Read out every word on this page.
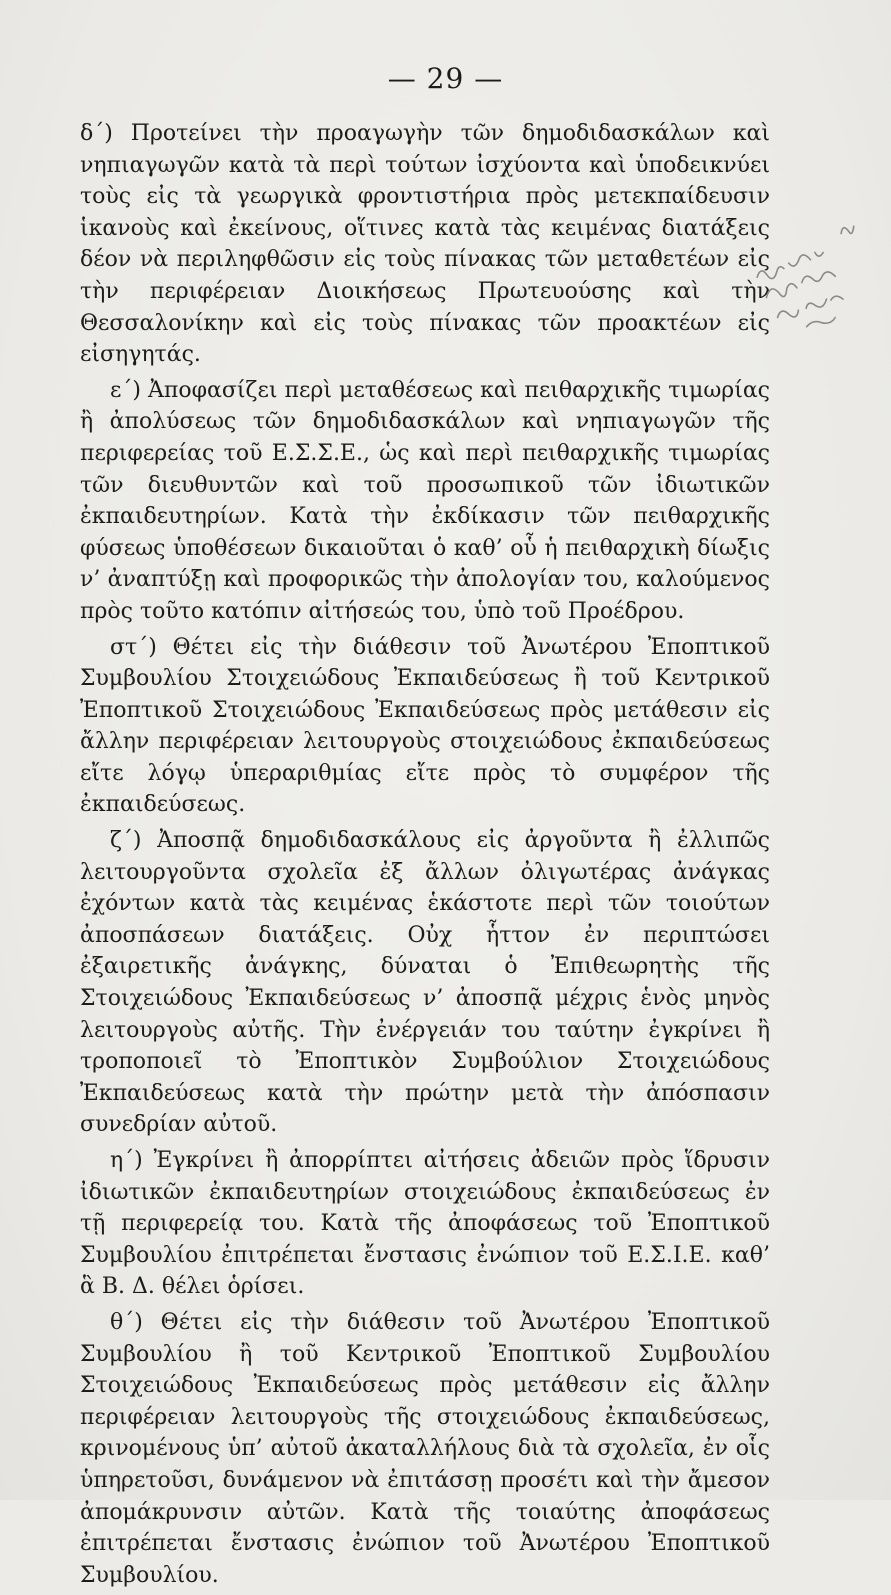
— 29 —

δ΄) Προτείνει τὴν προαγωγὴν τῶν δημοδιδασκάλων καὶ νηπιαγωγῶν κατὰ τὰ περὶ τούτων ἰσχύοντα καὶ ὑποδεικνύει τοὺς εἰς τὰ γεωργικὰ φροντιστήρια πρὸς μετεκπαίδευσιν ἱκανοὺς καὶ ἐκείνους, οἵτινες κατὰ τὰς κειμένας διατάξεις δέον νὰ περιληφθῶσιν εἰς τοὺς πίνακας τῶν μεταθετέων εἰς τὴν περιφέρειαν Διοικήσεως Πρωτευούσης καὶ τὴν Θεσσαλονίκην καὶ εἰς τοὺς πίνακας τῶν προακτέων εἰς εἰσηγητάς.

ε΄) Ἀποφασίζει περὶ μεταθέσεως καὶ πειθαρχικῆς τιμωρίας ἢ ἀπολύσεως τῶν δημοδιδασκάλων καὶ νηπιαγωγῶν τῆς περιφερείας τοῦ Ε.Σ.Σ.Ε., ὡς καὶ περὶ πειθαρχικῆς τιμωρίας τῶν διευθυντῶν καὶ τοῦ προσωπικοῦ τῶν ἰδιωτικῶν ἐκπαιδευτηρίων. Κατὰ τὴν ἐκδίκασιν τῶν πειθαρχικῆς φύσεως ὑποθέσεων δικαιοῦται ὁ καθ’ οὗ ἡ πειθαρχικὴ δίωξις ν’ ἀναπτύξῃ καὶ προφορικῶς τὴν ἀπολογίαν του, καλούμενος πρὸς τοῦτο κατόπιν αἰτήσεώς του, ὑπὸ τοῦ Προέδρου.

στ΄) Θέτει εἰς τὴν διάθεσιν τοῦ Ἀνωτέρου Ἐποπτικοῦ Συμβουλίου Στοιχειώδους Ἐκπαιδεύσεως ἢ τοῦ Κεντρικοῦ Ἐποπτικοῦ Στοιχειώδους Ἐκπαιδεύσεως πρὸς μετάθεσιν εἰς ἄλλην περιφέρειαν λειτουργοὺς στοιχειώδους ἐκπαιδεύσεως εἴτε λόγῳ ὑπεραριθμίας εἴτε πρὸς τὸ συμφέρον τῆς ἐκπαιδεύσεως.

ζ΄) Ἀποσπᾷ δημοδιδασκάλους εἰς ἀργοῦντα ἢ ἐλλιπῶς λειτουργοῦντα σχολεῖα ἐξ ἄλλων ὀλιγωτέρας ἀνάγκας ἐχόντων κατὰ τὰς κειμένας ἑκάστοτε περὶ τῶν τοιούτων ἀποσπάσεων διατάξεις. Οὐχ ἧττον ἐν περιπτώσει ἐξαιρετικῆς ἀνάγκης, δύναται ὁ Ἐπιθεωρητὴς τῆς Στοιχειώδους Ἐκπαιδεύσεως ν’ ἀποσπᾷ μέχρις ἑνὸς μηνὸς λειτουργοὺς αὐτῆς. Τὴν ἐνέργειάν του ταύτην ἐγκρίνει ἢ τροποποιεῖ τὸ Ἐποπτικὸν Συμβούλιον Στοιχειώδους Ἐκπαιδεύσεως κατὰ τὴν πρώτην μετὰ τὴν ἀπόσπασιν συνεδρίαν αὐτοῦ.

η΄) Ἐγκρίνει ἢ ἀπορρίπτει αἰτήσεις ἀδειῶν πρὸς ἵδρυσιν ἰδιωτικῶν ἐκπαιδευτηρίων στοιχειώδους ἐκπαιδεύσεως ἐν τῇ περιφερείᾳ του. Κατὰ τῆς ἀποφάσεως τοῦ Ἐποπτικοῦ Συμβουλίου ἐπιτρέπεται ἔνστασις ἐνώπιον τοῦ Ε.Σ.Ι.Ε. καθ’ ἃ Β. Δ. θέλει ὁρίσει.

θ΄) Θέτει εἰς τὴν διάθεσιν τοῦ Ἀνωτέρου Ἐποπτικοῦ Συμβουλίου ἢ τοῦ Κεντρικοῦ Ἐποπτικοῦ Συμβουλίου Στοιχειώδους Ἐκπαιδεύσεως πρὸς μετάθεσιν εἰς ἄλλην περιφέρειαν λειτουργοὺς τῆς στοιχειώδους ἐκπαιδεύσεως, κρινομένους ὑπ’ αὐτοῦ ἀκαταλλήλους διὰ τὰ σχολεῖα, ἐν οἷς ὑπηρετοῦσι, δυνάμενον νὰ ἐπιτάσσῃ προσέτι καὶ τὴν ἄμεσον ἀπομάκρυνσιν αὐτῶν. Κατὰ τῆς τοιαύτης ἀποφάσεως ἐπιτρέπεται ἔνστασις ἐνώπιον τοῦ Ἀνωτέρου Ἐποπτικοῦ Συμβουλίου.
